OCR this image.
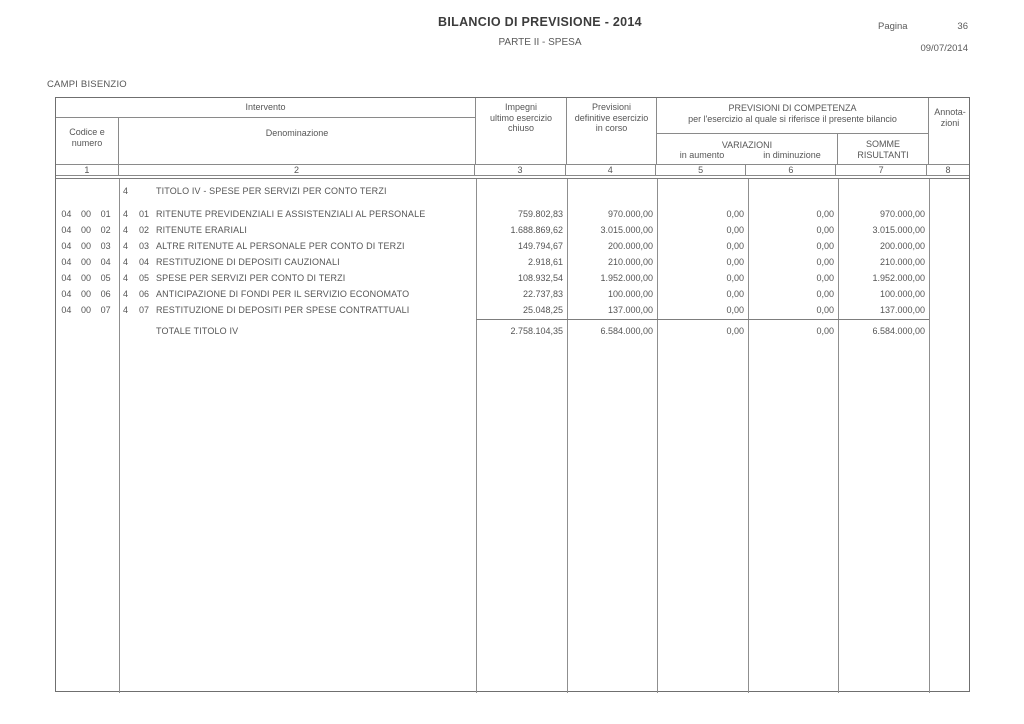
BILANCIO DI PREVISIONE - 2014
PARTE II - SPESA
Pagina	36
09/07/2014
CAMPI BISENZIO
Intervento
Codice e
numero
Denominazione
Impegni
ultimo esercizio
chiuso
Previsioni
definitive esercizio
in corso
PREVISIONI DI COMPETENZA
per l'esercizio al quale si riferisce il presente bilancio
VARIAZIONI
in aumento	in diminuzione
SOMME
RISULTANTI
Annota-
zioni
1	2	3	4	5	6	7	8
4	TITOLO IV - SPESE PER SERVIZI PER CONTO TERZI
04 00 01 4 01 RITENUTE PREVIDENZIALI E ASSISTENZIALI AL PERSONALE	759.802,83	970.000,00	0,00	0,00	970.000,00
04 00 02 4 02 RITENUTE ERARIALI	1.688.869,62	3.015.000,00	0,00	0,00	3.015.000,00
04 00 03 4 03 ALTRE RITENUTE AL PERSONALE PER CONTO DI TERZI	149.794,67	200.000,00	0,00	0,00	200.000,00
04 00 04 4 04 RESTITUZIONE DI DEPOSITI CAUZIONALI	2.918,61	210.000,00	0,00	0,00	210.000,00
04 00 05 4 05 SPESE PER SERVIZI PER CONTO DI TERZI	108.932,54	1.952.000,00	0,00	0,00	1.952.000,00
04 00 06 4 06 ANTICIPAZIONE DI FONDI PER IL SERVIZIO ECONOMATO	22.737,83	100.000,00	0,00	0,00	100.000,00
04 00 07 4 07 RESTITUZIONE DI DEPOSITI PER SPESE CONTRATTUALI	25.048,25	137.000,00	0,00	0,00	137.000,00
TOTALE TITOLO IV	2.758.104,35	6.584.000,00	0,00	0,00	6.584.000,00
